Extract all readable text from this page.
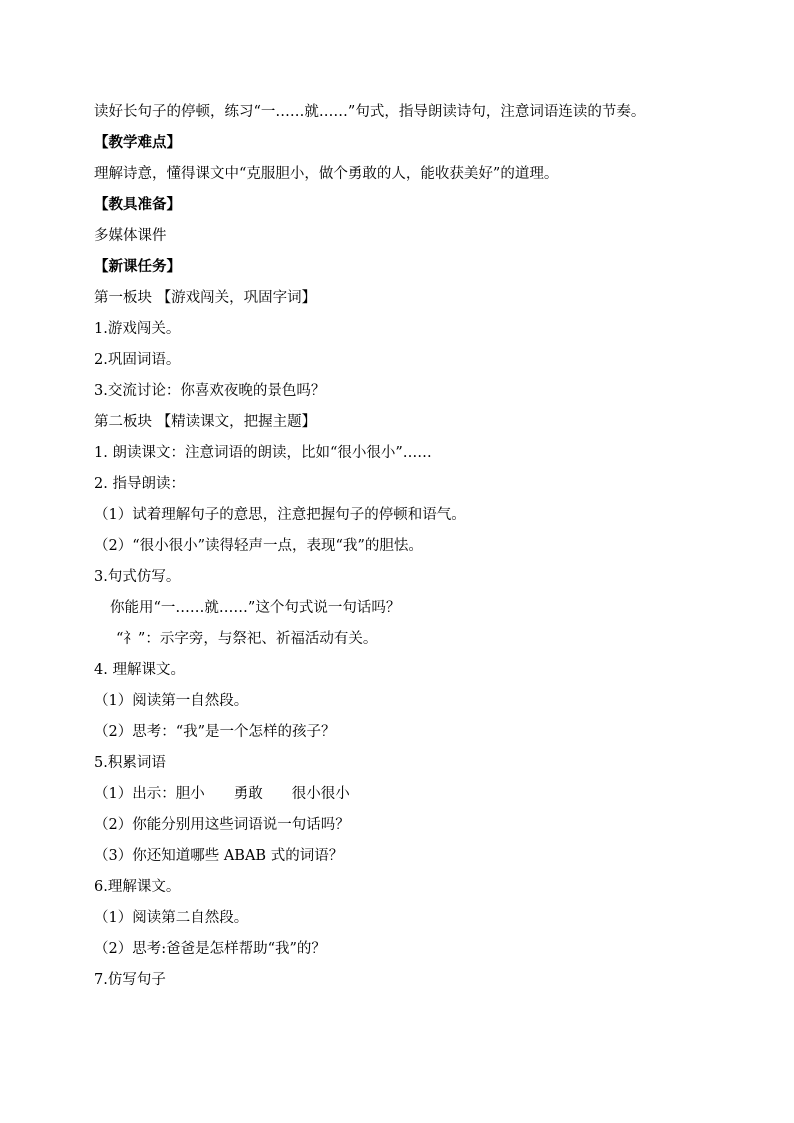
读好长句子的停顿，练习“一……就……”句式，指导朗读诗句，注意词语连读的节奏。
【教学难点】
理解诗意，懂得课文中“克服胆小，做个勇敢的人，能收获美好”的道理。
【教具准备】
多媒体课件
【新课任务】
第一板块 【游戏闯关，巩固字词】
1.游戏闯关。
2.巩固词语。
3.交流讨论：你喜欢夜晚的景色吗？
第二板块 【精读课文，把握主题】
1. 朗读课文：注意词语的朗读，比如“很小很小”……
2. 指导朗读：
（1）试着理解句子的意思，注意把握句子的停顿和语气。
（2）“很小很小”读得轻声一点，表现“我”的胆怯。
3.句式仿写。
你能用“一……就……”这个句式说一句话吗？
“礻”：示字旁，与祭祀、祈福活动有关。
4. 理解课文。
（1）阅读第一自然段。
（2）思考：“我”是一个怎样的孩子？
5.积累词语
（1）出示：胆小　　勇敢　　很小很小
（2）你能分别用这些词语说一句话吗？
（3）你还知道哪些 ABAB 式的词语？
6.理解课文。
（1）阅读第二自然段。
（2）思考:爸爸是怎样帮助“我”的？
7.仿写句子
